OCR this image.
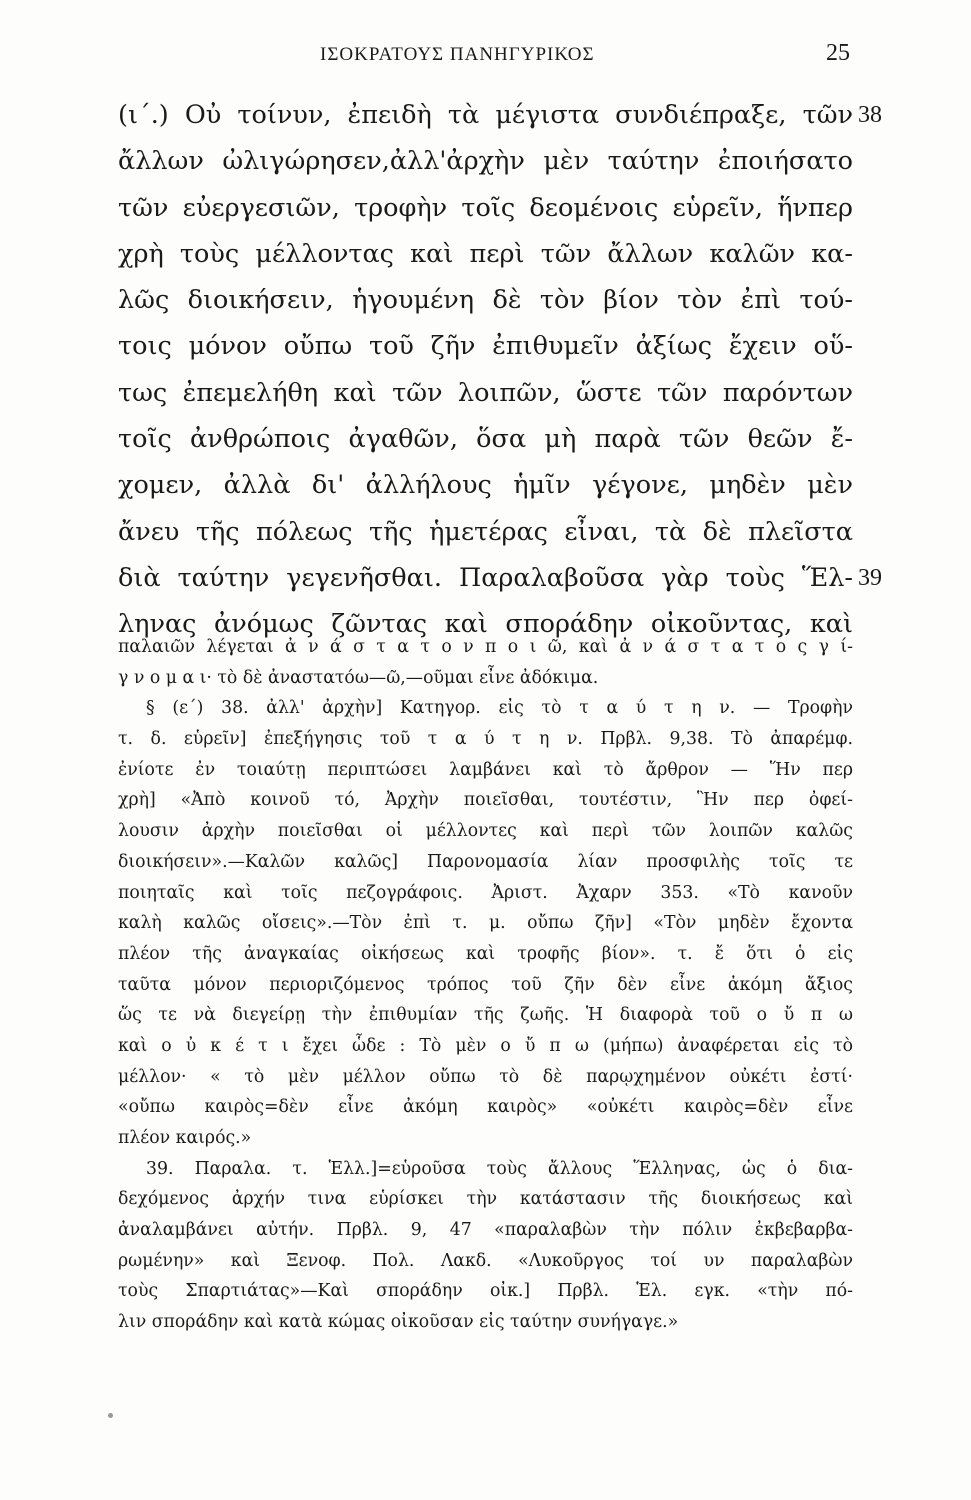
ΙΣΟΚΡΑΤΟΥΣ ΠΑΝΗΓΥΡΙΚΟΣ	25
(ι΄.) Οὐ τοίνυν, ἐπειδὴ τὰ μέγιστα συνδιέπραξε, τῶν 38
ἄλλων ὠλιγώρησεν,ἀλλ'ἀρχὴν μὲν ταύτην ἐποιήσατο
τῶν εὐεργεσιῶν, τροφὴν τοῖς δεομένοις εὑρεῖν, ἥνπερ
χρὴ τοὺς μέλλοντας καὶ περὶ τῶν ἄλλων καλῶν κα-
λῶς διοικήσειν, ἡγουμένη δὲ τὸν βίον τὸν ἐπὶ τού-
τοις μόνον οὔπω τοῦ ζῆν ἐπιθυμεῖν ἀξίως ἔχειν οὕ-
τως ἐπεμελήθη καὶ τῶν λοιπῶν, ὥστε τῶν παρόντων
τοῖς ἀνθρώποις ἀγαθῶν, ὅσα μὴ παρὰ τῶν θεῶν ἔ-
χομεν, ἀλλὰ δι' ἀλλήλους ἡμῖν γέγονε, μηδὲν μὲν
ἄνευ τῆς πόλεως τῆς ἡμετέρας εἶναι, τὰ δὲ πλεῖστα
διὰ ταύτην γεγενῆσθαι. Παραλαβοῦσα γὰρ τοὺς Ἕλ- 39
ληνας ἀνόμως ζῶντας καὶ σποράδην οἰκοῦντας, καὶ
παλαιῶν λέγεται ἀ ν ά σ τ α τ ο ν π ο ι ῶ, καὶ ἀ ν ά σ τ α τ ο ς γ ί-
γ ν ο μ α ι· τὸ δὲ ἀναστατόω—ῶ,—οῦμαι εἶνε ἀδόκιμα.
§ (ε΄) 38. ἀλλ' ἀρχὴν] Κατηγορ. εἰς τὸ τ α ύ τ η ν. — Τροφὴν
τ. δ. εὑρεῖν] ἐπεξήγησις τοῦ τ α ύ τ η ν. Πρβλ. 9,38. Τὸ ἀπαρέμφ.
ἐνίοτε ἐν τοιαύτῃ περιπτώσει λαμβάνει καὶ τὸ ἄρθρον — Ἥν περ
χρὴ] «Ἀπὸ κοινοῦ τό, Ἀρχὴν ποιεῖσθαι, τουτέστιν, Ἣν περ ὀφεί-
λουσιν ἀρχὴν ποιεῖσθαι οἱ μέλλοντες καὶ περὶ τῶν λοιπῶν καλῶς
διοικήσειν».—Καλῶν καλῶς] Παρονομασία λίαν προσφιλὴς τοῖς τε
ποιηταῖς καὶ τοῖς πεζογράφοις. Ἀριστ. Ἀχαρν 353. «Τὸ κανοῦν
καλὴ καλῶς οἴσεις».—Τὸν ἐπὶ τ. μ. οὔπω ζῆν] «Τὸν μηδὲν ἔχοντα
πλέον τῆς ἀναγκαίας οἰκήσεως καὶ τροφῆς βίον». τ. ἔ ὅτι ὁ εἰς
ταῦτα μόνον περιοριζόμενος τρόπος τοῦ ζῆν δὲν εἶνε ἀκόμη ἄξιος
ὥς τε νὰ διεγείρῃ τὴν ἐπιθυμίαν τῆς ζωῆς. Ἡ διαφορὰ τοῦ ο ὔ π ω
καὶ ο ὐ κ έ τ ι ἔχει ὧδε : Τὸ μὲν ο ὔ π ω (μήπω) ἀναφέρεται εἰς τὸ
μέλλον· « τὸ μὲν μέλλον οὔπω τὸ δὲ παρῳχημένον οὐκέτι ἐστί·
«οὔπω καιρὸς=δὲν εἶνε ἀκόμη καιρὸς» «οὐκέτι καιρὸς=δὲν εἶνε
πλέον καιρός.»
39. Παραλα. τ. Ἑλλ.]=εὑροῦσα τοὺς ἄλλους Ἕλληνας, ὡς ὁ δια-
δεχόμενος ἀρχήν τινα εὑρίσκει τὴν κατάστασιν τῆς διοικήσεως καὶ
ἀναλαμβάνει αὐτήν. Πρβλ. 9, 47 «παραλαβὼν τὴν πόλιν ἐκβεβαρβα-
ρωμένην» καὶ Ξενοφ. Πολ. Λακδ. «Λυκοῦργος τοί υν παραλαβὼν
τοὺς Σπαρτιάτας»—Καὶ σποράδην οἰκ.] Πρβλ. Ἑλ. εγκ. «τὴν πό-
λιν σποράδην καὶ κατὰ κώμας οἰκοῦσαν εἰς ταύτην συνήγαγε.»
